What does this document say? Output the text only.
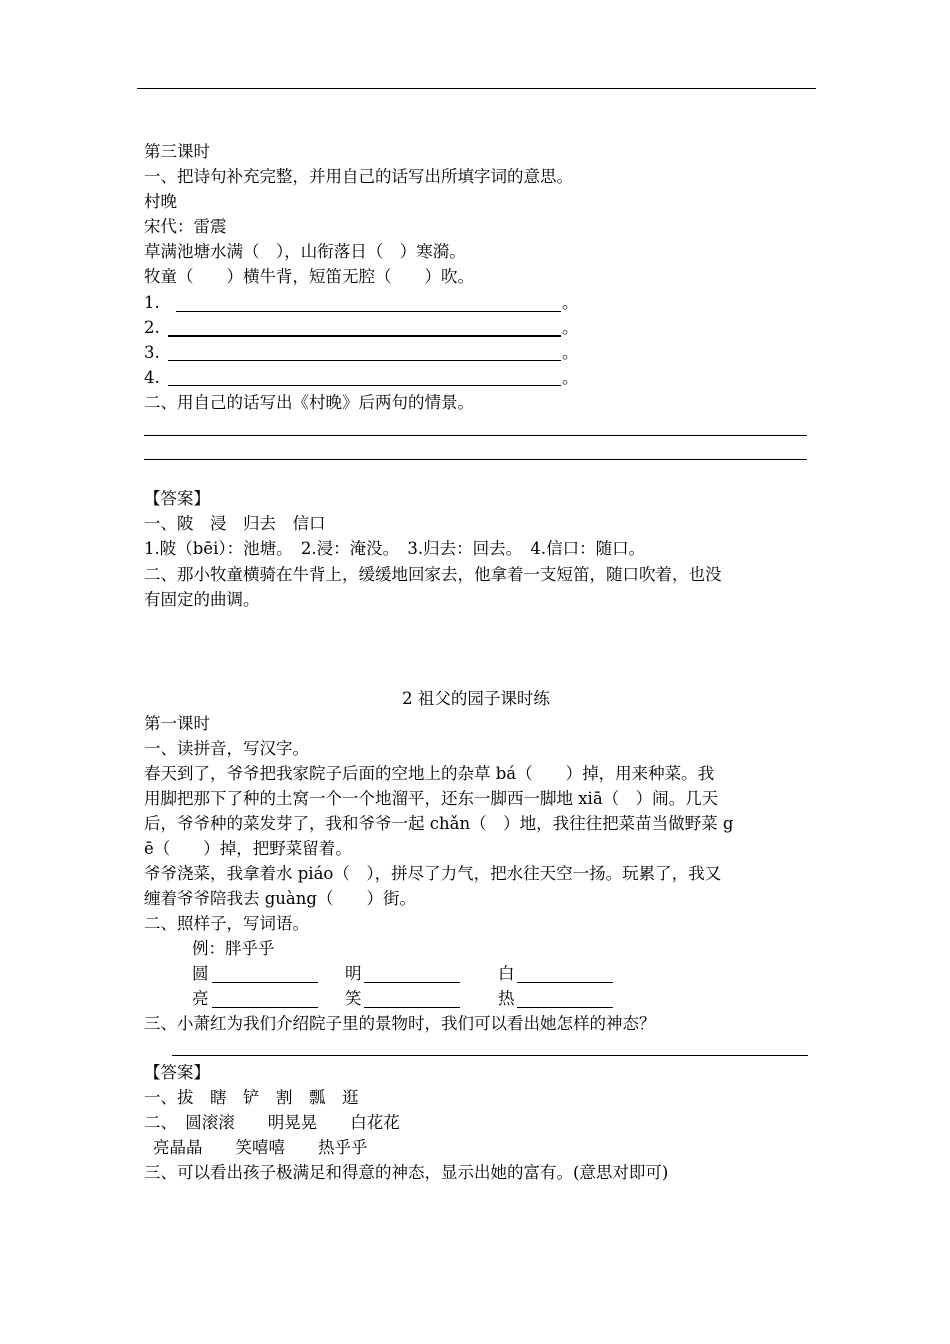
第三课时
一、把诗句补充完整，并用自己的话写出所填字词的意思。
村晚
宋代：雷震
草满池塘水满（　），山衔落日（　）寒漪。
牧童（　　）横牛背，短笛无腔（　　）吹。
1.	。
2.	。
3.	。
4.	。
二、用自己的话写出《村晚》后两句的情景。
【答案】
一、陂　浸　归去　信口
1.陂（bēi）：池塘。　2.浸：淹没。　3.归去：回去。　4.信口：随口。
二、那小牧童横骑在牛背上，缓缓地回家去，他拿着一支短笛，随口吹着，也没
有固定的曲调。
2 祖父的园子课时练
第一课时
一、读拼音，写汉字。
春天到了，爷爷把我家院子后面的空地上的杂草 bá（　　）掉，用来种菜。我
用脚把那下了种的土窝一个一个地溜平，还东一脚西一脚地 xiā（　）闹。几天
后，爷爷种的菜发芽了，我和爷爷一起 chǎn（　）地，我往往把菜苗当做野菜 g
ē（　　）掉，把野菜留着。
爷爷浇菜，我拿着水 piáo（　），拼尽了力气，把水往天空一扬。玩累了，我又
缠着爷爷陪我去 guàng（　　）街。
二、照样子，写词语。
例：胖乎乎
圆	明	白
亮	笑	热
三、小萧红为我们介绍院子里的景物时，我们可以看出她怎样的神态？
【答案】
一、拔　瞎　铲　割　瓢　逛
二、　圆滚滚　　明晃晃　　白花花
亮晶晶　　笑嘻嘻　　热乎乎
三、可以看出孩子极满足和得意的神态，显示出她的富有。(意思对即可)
